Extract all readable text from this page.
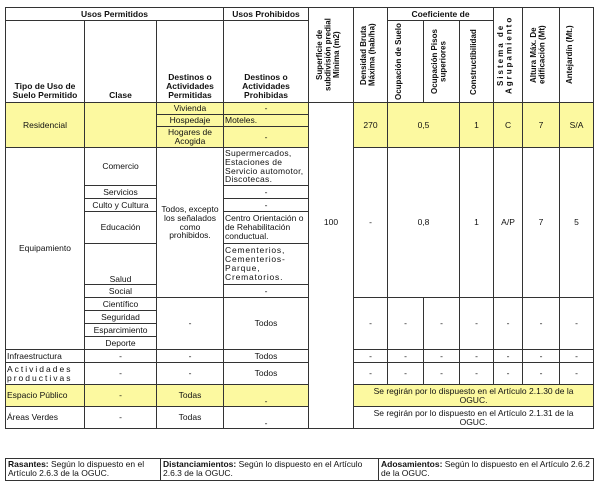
Usos Permitidos			Usos Prohibidos	Superficie de subdivisión predial Mínima (m2)	Densidad Bruta Máxima (hab/ha)	Coeficiente de			Sistema de Agrupamiento	Altura Máx. De edificación (Mt)	Antejardín (Mt.)

Tipo de Uso de Suelo Permitido	Clase	Destinos o Actividades Permitidas	Destinos o Actividades Prohibidas			Ocupación de Suelo	Ocupación Pisos superiores	Constructibilidad			

Residencial		Vivienda	-	100	270	0,5		1	C	7	S/A
		Hospedaje	Moteles.								
		Hogares de Acogida	-								
Equipamiento	Comercio	Todos, excepto los señalados como prohibidos.	Supermercados, Estaciones de Servicio automotor, Discotecas.		-	0,8		1	A/P	7	5
	Servicios		-								
	Culto y Cultura		-								
	Educación		Centro Orientación o de Rehabilitación conductual.								
	Salud		Cementerios, Cementerios-Parque, Crematorios.								
	Social		-								
	Científico	-	Todos		-	-	-	-	-	-	-
	Seguridad										
	Esparcimiento										
	Deporte										
Infraestructura	-	-	Todos		-	-	-	-	-	-	-
Actividades productivas	-	-	Todos		-	-	-	-	-	-	-
Espacio Público	-	Todas	-		Se regirán por lo dispuesto en el Artículo 2.1.30 de la OGUC.						
Áreas Verdes	-	Todas	-		Se regirán por lo dispuesto en el Artículo 2.1.31 de la OGUC.						
Rasantes: Según lo dispuesto en el Artículo 2.6.3 de la OGUC.	Distanciamientos: Según lo dispuesto en el Artículo 2.6.3 de la OGUC.	Adosamientos: Según lo dispuesto en el Artículo 2.6.2 de la OGUC.
